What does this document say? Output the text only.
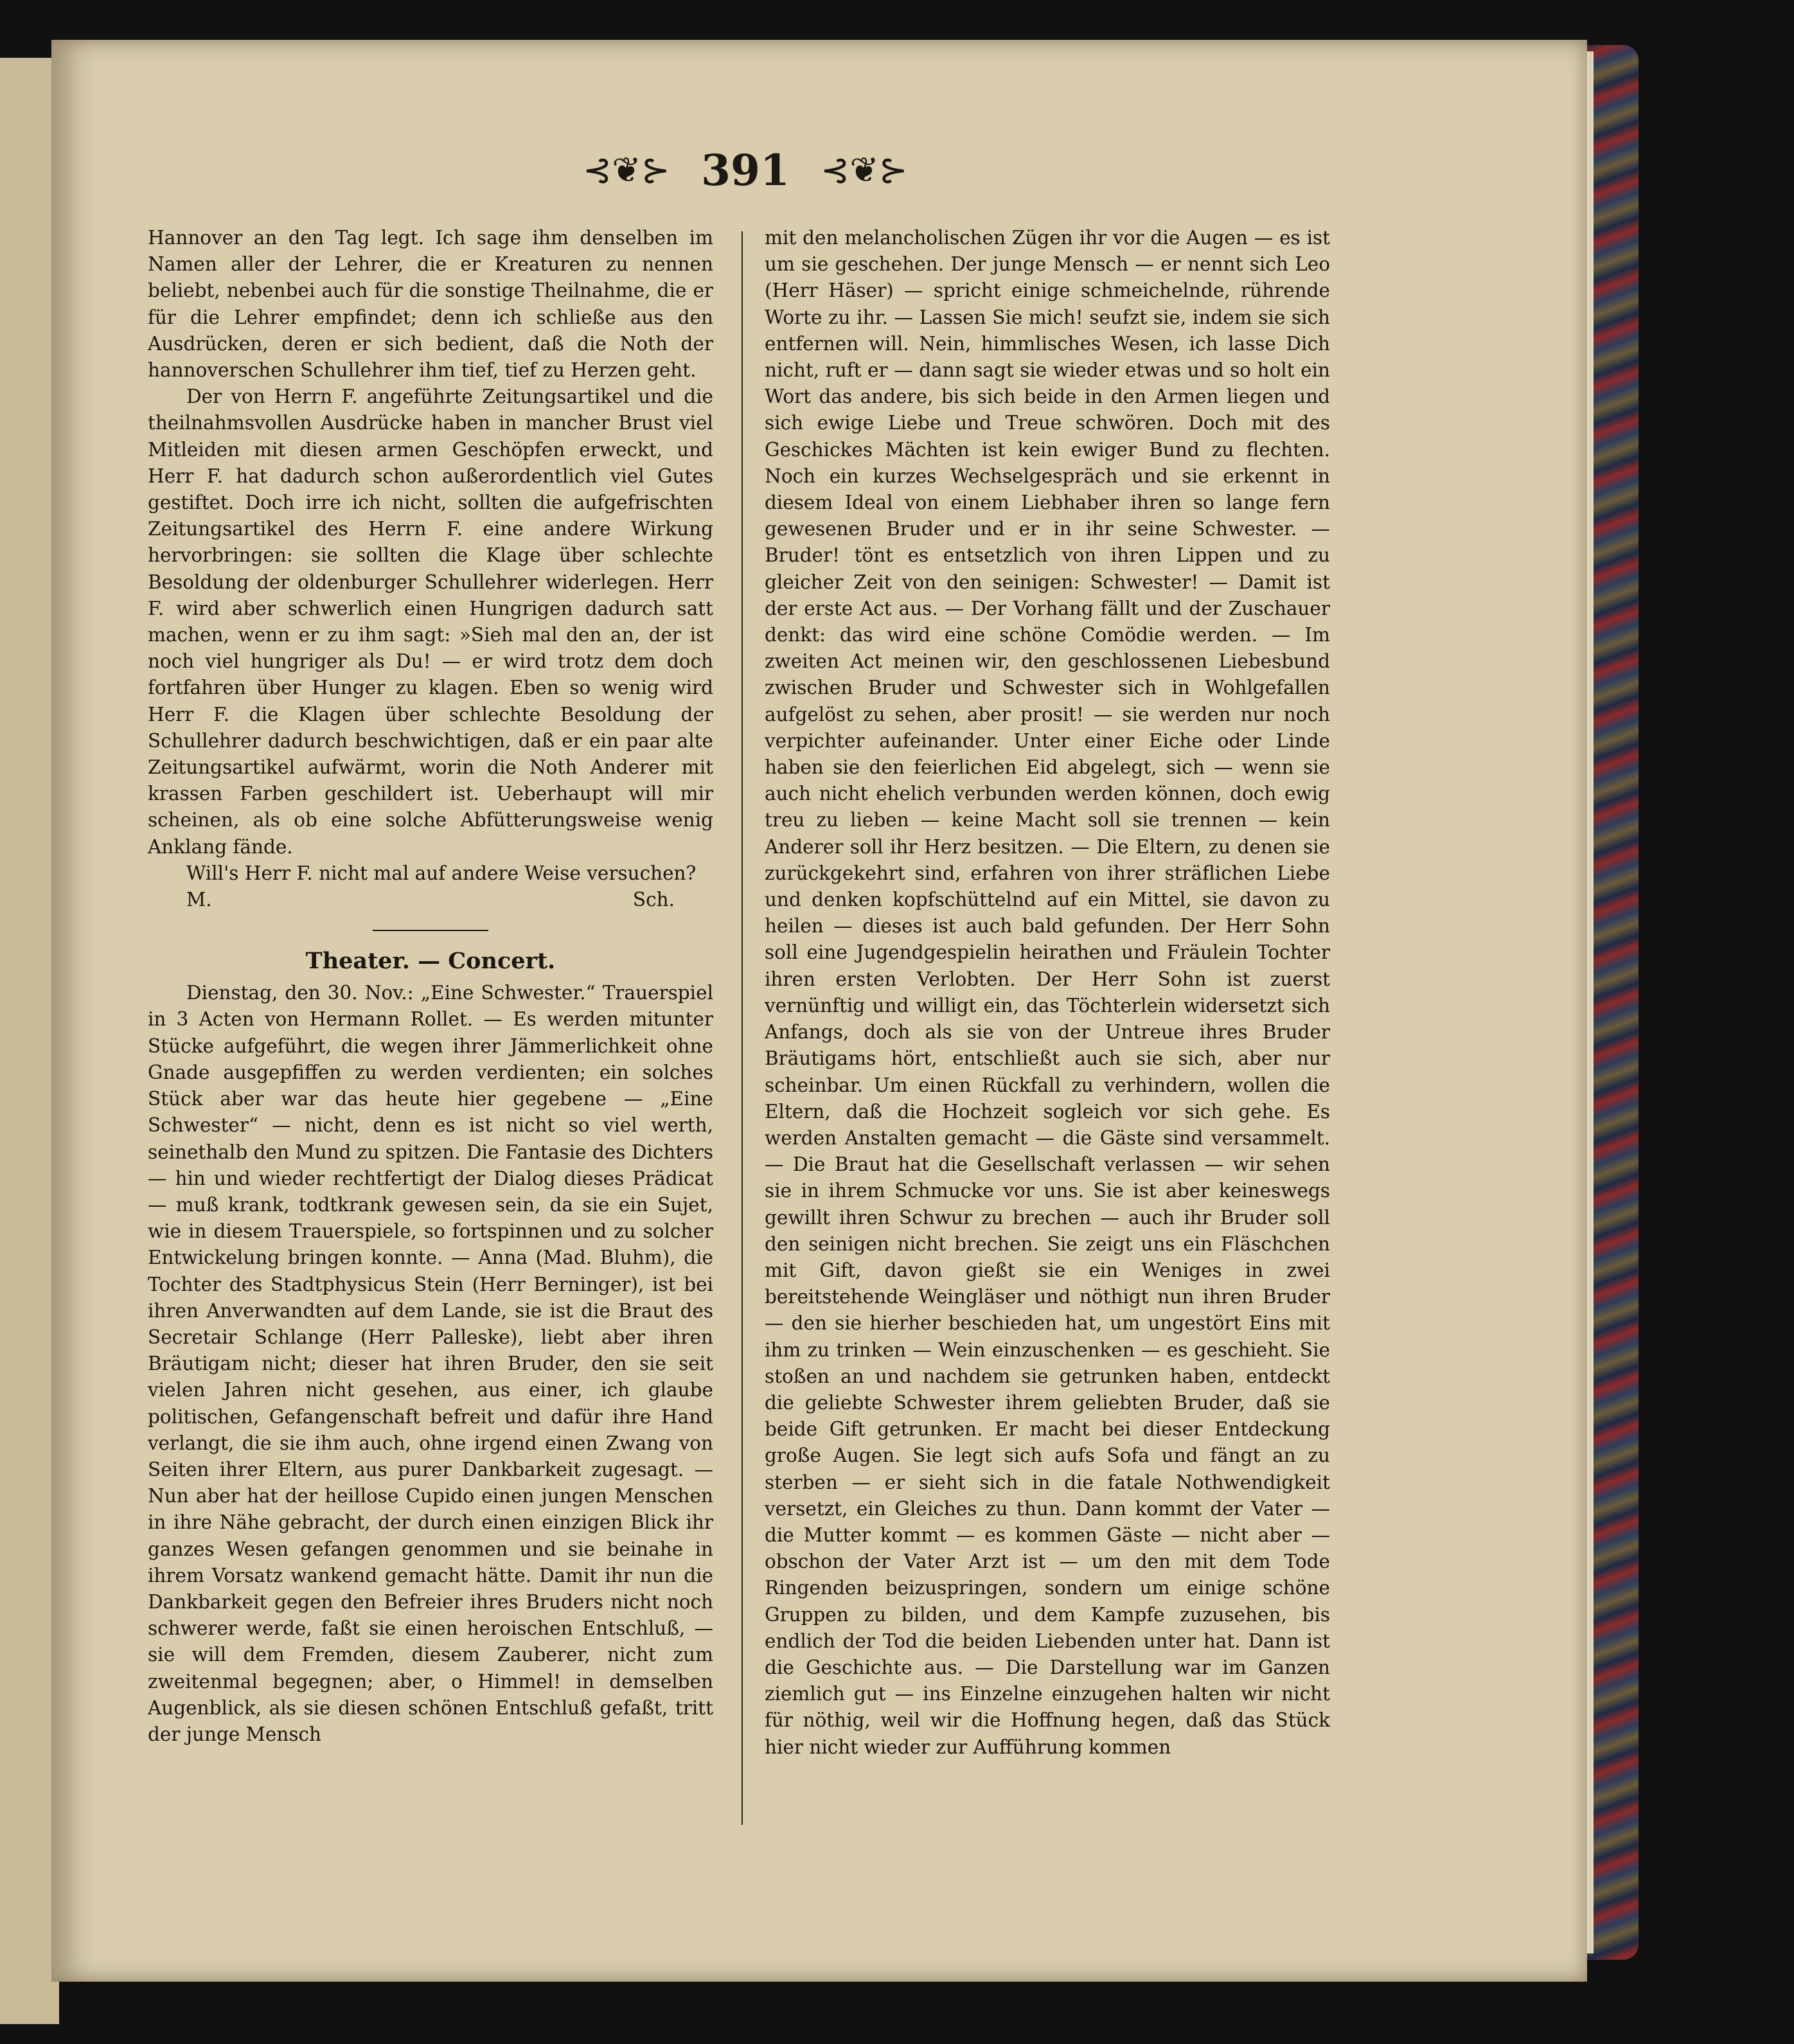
⊰❦⊱ 391 ⊰❦⊱

Hannover an den Tag legt. Ich sage ihm denselben im Namen aller der Lehrer, die er Kreaturen zu nennen beliebt, nebenbei auch für die sonstige Theilnahme, die er für die Lehrer empfindet; denn ich schließe aus den Ausdrücken, deren er sich bedient, daß die Noth der hannoverschen Schullehrer ihm tief, tief zu Herzen geht.

Der von Herrn F. angeführte Zeitungsartikel und die theilnahmsvollen Ausdrücke haben in mancher Brust viel Mitleiden mit diesen armen Geschöpfen erweckt, und Herr F. hat dadurch schon außerordentlich viel Gutes gestiftet. Doch irre ich nicht, sollten die aufgefrischten Zeitungsartikel des Herrn F. eine andere Wirkung hervorbringen: sie sollten die Klage über schlechte Besoldung der oldenburger Schullehrer widerlegen. Herr F. wird aber schwerlich einen Hungrigen dadurch satt machen, wenn er zu ihm sagt: »Sieh mal den an, der ist noch viel hungriger als Du! — er wird trotz dem doch fortfahren über Hunger zu klagen. Eben so wenig wird Herr F. die Klagen über schlechte Besoldung der Schullehrer dadurch beschwichtigen, daß er ein paar alte Zeitungsartikel aufwärmt, worin die Noth Anderer mit krassen Farben geschildert ist. Ueberhaupt will mir scheinen, als ob eine solche Abfütterungsweise wenig Anklang fände.

Will's Herr F. nicht mal auf andere Weise versuchen?

M.	Sch.
Theater. — Concert.

Dienstag, den 30. Nov.: „Eine Schwester.“ Trauerspiel in 3 Acten von Hermann Rollet. — Es werden mitunter Stücke aufgeführt, die wegen ihrer Jämmerlichkeit ohne Gnade ausgepfiffen zu werden verdienten; ein solches Stück aber war das heute hier gegebene — „Eine Schwester“ — nicht, denn es ist nicht so viel werth, seinethalb den Mund zu spitzen. Die Fantasie des Dichters — hin und wieder rechtfertigt der Dialog dieses Prädicat — muß krank, todtkrank gewesen sein, da sie ein Sujet, wie in diesem Trauerspiele, so fortspinnen und zu solcher Entwickelung bringen konnte. — Anna (Mad. Bluhm), die Tochter des Stadtphysicus Stein (Herr Berninger), ist bei ihren Anverwandten auf dem Lande, sie ist die Braut des Secretair Schlange (Herr Palleske), liebt aber ihren Bräutigam nicht; dieser hat ihren Bruder, den sie seit vielen Jahren nicht gesehen, aus einer, ich glaube politischen, Gefangenschaft befreit und dafür ihre Hand verlangt, die sie ihm auch, ohne irgend einen Zwang von Seiten ihrer Eltern, aus purer Dankbarkeit zugesagt. — Nun aber hat der heillose Cupido einen jungen Menschen in ihre Nähe gebracht, der durch einen einzigen Blick ihr ganzes Wesen gefangen genommen und sie beinahe in ihrem Vorsatz wankend gemacht hätte. Damit ihr nun die Dankbarkeit gegen den Befreier ihres Bruders nicht noch schwerer werde, faßt sie einen heroischen Entschluß, — sie will dem Fremden, diesem Zauberer, nicht zum zweitenmal begegnen; aber, o Himmel! in demselben Augenblick, als sie diesen schönen Entschluß gefaßt, tritt der junge Mensch

mit den melancholischen Zügen ihr vor die Augen — es ist um sie geschehen. Der junge Mensch — er nennt sich Leo (Herr Häser) — spricht einige schmeichelnde, rührende Worte zu ihr. — Lassen Sie mich! seufzt sie, indem sie sich entfernen will. Nein, himmlisches Wesen, ich lasse Dich nicht, ruft er — dann sagt sie wieder etwas und so holt ein Wort das andere, bis sich beide in den Armen liegen und sich ewige Liebe und Treue schwören. Doch mit des Geschickes Mächten ist kein ewiger Bund zu flechten. Noch ein kurzes Wechselgespräch und sie erkennt in diesem Ideal von einem Liebhaber ihren so lange fern gewesenen Bruder und er in ihr seine Schwester. — Bruder! tönt es entsetzlich von ihren Lippen und zu gleicher Zeit von den seinigen: Schwester! — Damit ist der erste Act aus. — Der Vorhang fällt und der Zuschauer denkt: das wird eine schöne Comödie werden. — Im zweiten Act meinen wir, den geschlossenen Liebesbund zwischen Bruder und Schwester sich in Wohlgefallen aufgelöst zu sehen, aber prosit! — sie werden nur noch verpichter aufeinander. Unter einer Eiche oder Linde haben sie den feierlichen Eid abgelegt, sich — wenn sie auch nicht ehelich verbunden werden können, doch ewig treu zu lieben — keine Macht soll sie trennen — kein Anderer soll ihr Herz besitzen. — Die Eltern, zu denen sie zurückgekehrt sind, erfahren von ihrer sträflichen Liebe und denken kopfschüttelnd auf ein Mittel, sie davon zu heilen — dieses ist auch bald gefunden. Der Herr Sohn soll eine Jugendgespielin heirathen und Fräulein Tochter ihren ersten Verlobten. Der Herr Sohn ist zuerst vernünftig und willigt ein, das Töchterlein widersetzt sich Anfangs, doch als sie von der Untreue ihres Bruder Bräutigams hört, entschließt auch sie sich, aber nur scheinbar. Um einen Rückfall zu verhindern, wollen die Eltern, daß die Hochzeit sogleich vor sich gehe. Es werden Anstalten gemacht — die Gäste sind versammelt. — Die Braut hat die Gesellschaft verlassen — wir sehen sie in ihrem Schmucke vor uns. Sie ist aber keineswegs gewillt ihren Schwur zu brechen — auch ihr Bruder soll den seinigen nicht brechen. Sie zeigt uns ein Fläschchen mit Gift, davon gießt sie ein Weniges in zwei bereitstehende Weingläser und nöthigt nun ihren Bruder — den sie hierher beschieden hat, um ungestört Eins mit ihm zu trinken — Wein einzuschenken — es geschieht. Sie stoßen an und nachdem sie getrunken haben, entdeckt die geliebte Schwester ihrem geliebten Bruder, daß sie beide Gift getrunken. Er macht bei dieser Entdeckung große Augen. Sie legt sich aufs Sofa und fängt an zu sterben — er sieht sich in die fatale Nothwendigkeit versetzt, ein Gleiches zu thun. Dann kommt der Vater — die Mutter kommt — es kommen Gäste — nicht aber — obschon der Vater Arzt ist — um den mit dem Tode Ringenden beizuspringen, sondern um einige schöne Gruppen zu bilden, und dem Kampfe zuzusehen, bis endlich der Tod die beiden Liebenden unter hat. Dann ist die Geschichte aus. — Die Darstellung war im Ganzen ziemlich gut — ins Einzelne einzugehen halten wir nicht für nöthig, weil wir die Hoffnung hegen, daß das Stück hier nicht wieder zur Aufführung kommen
